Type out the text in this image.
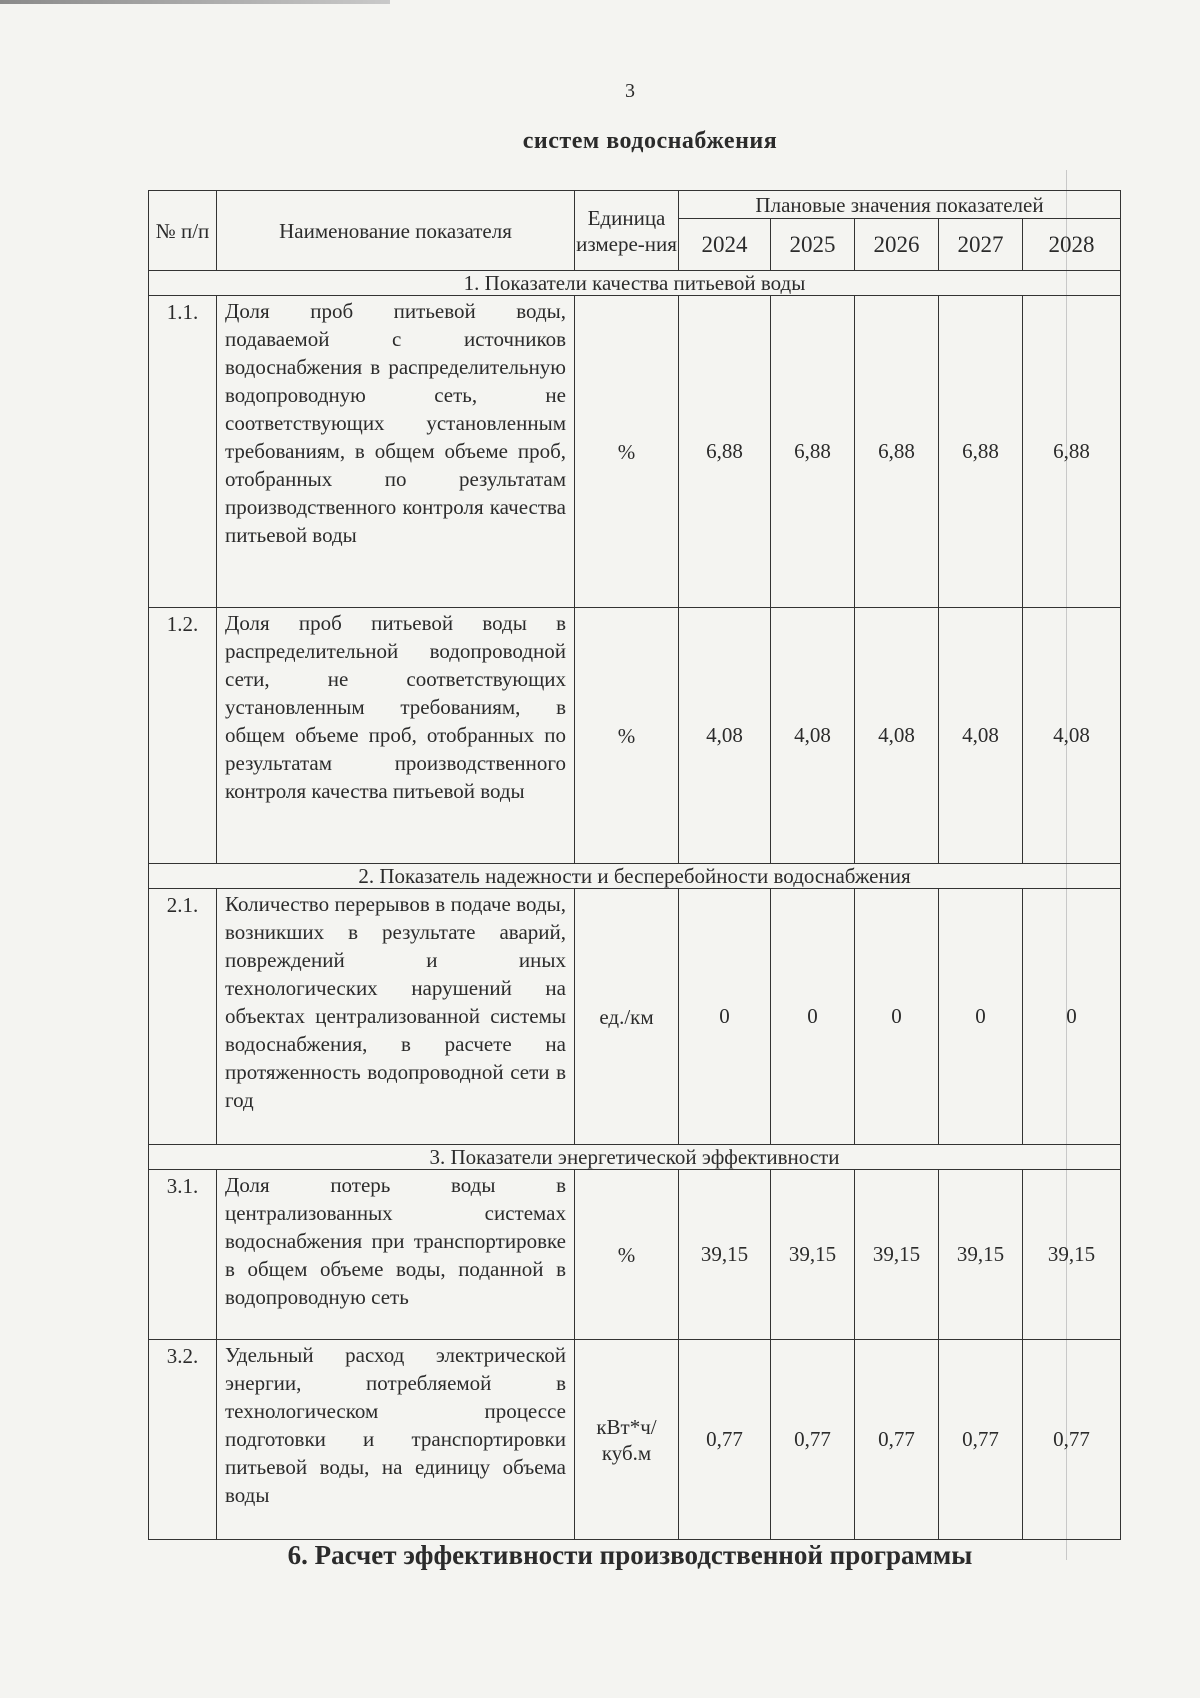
3
систем водоснабжения
№ п/п	Наименование показателя	Единица измере-ния	Плановые значения показателей				
			2024	2025	2026	2027	2028
1. Показатели качества питьевой воды							
1.1.	Доля проб питьевой воды, подаваемой с источников водоснабжения в распределительную водопроводную сеть, не соответствующих установленным требованиям, в общем объеме проб, отобранных по результатам производственного контроля качества питьевой воды	%	6,88	6,88	6,88	6,88	6,88
1.2.	Доля проб питьевой воды в распределительной водопроводной сети, не соответствующих установленным требованиям, в общем объеме проб, отобранных по результатам производственного контроля качества питьевой воды	%	4,08	4,08	4,08	4,08	4,08
2. Показатель надежности и бесперебойности водоснабжения							
2.1.	Количество перерывов в подаче воды, возникших в результате аварий, повреждений и иных технологических нарушений на объектах централизованной системы водоснабжения, в расчете на протяженность водопроводной сети в год	ед./км	0	0	0	0	0
3. Показатели энергетической эффективности							
3.1.	Доля потерь воды в централизованных системах водоснабжения при транспортировке в общем объеме воды, поданной в водопроводную сеть	%	39,15	39,15	39,15	39,15	39,15
3.2.	Удельный расход электрической энергии, потребляемой в технологическом процессе подготовки и транспортировки питьевой воды, на единицу объема воды	кВт*ч/ куб.м	0,77	0,77	0,77	0,77	0,77
6. Расчет эффективности производственной программы
